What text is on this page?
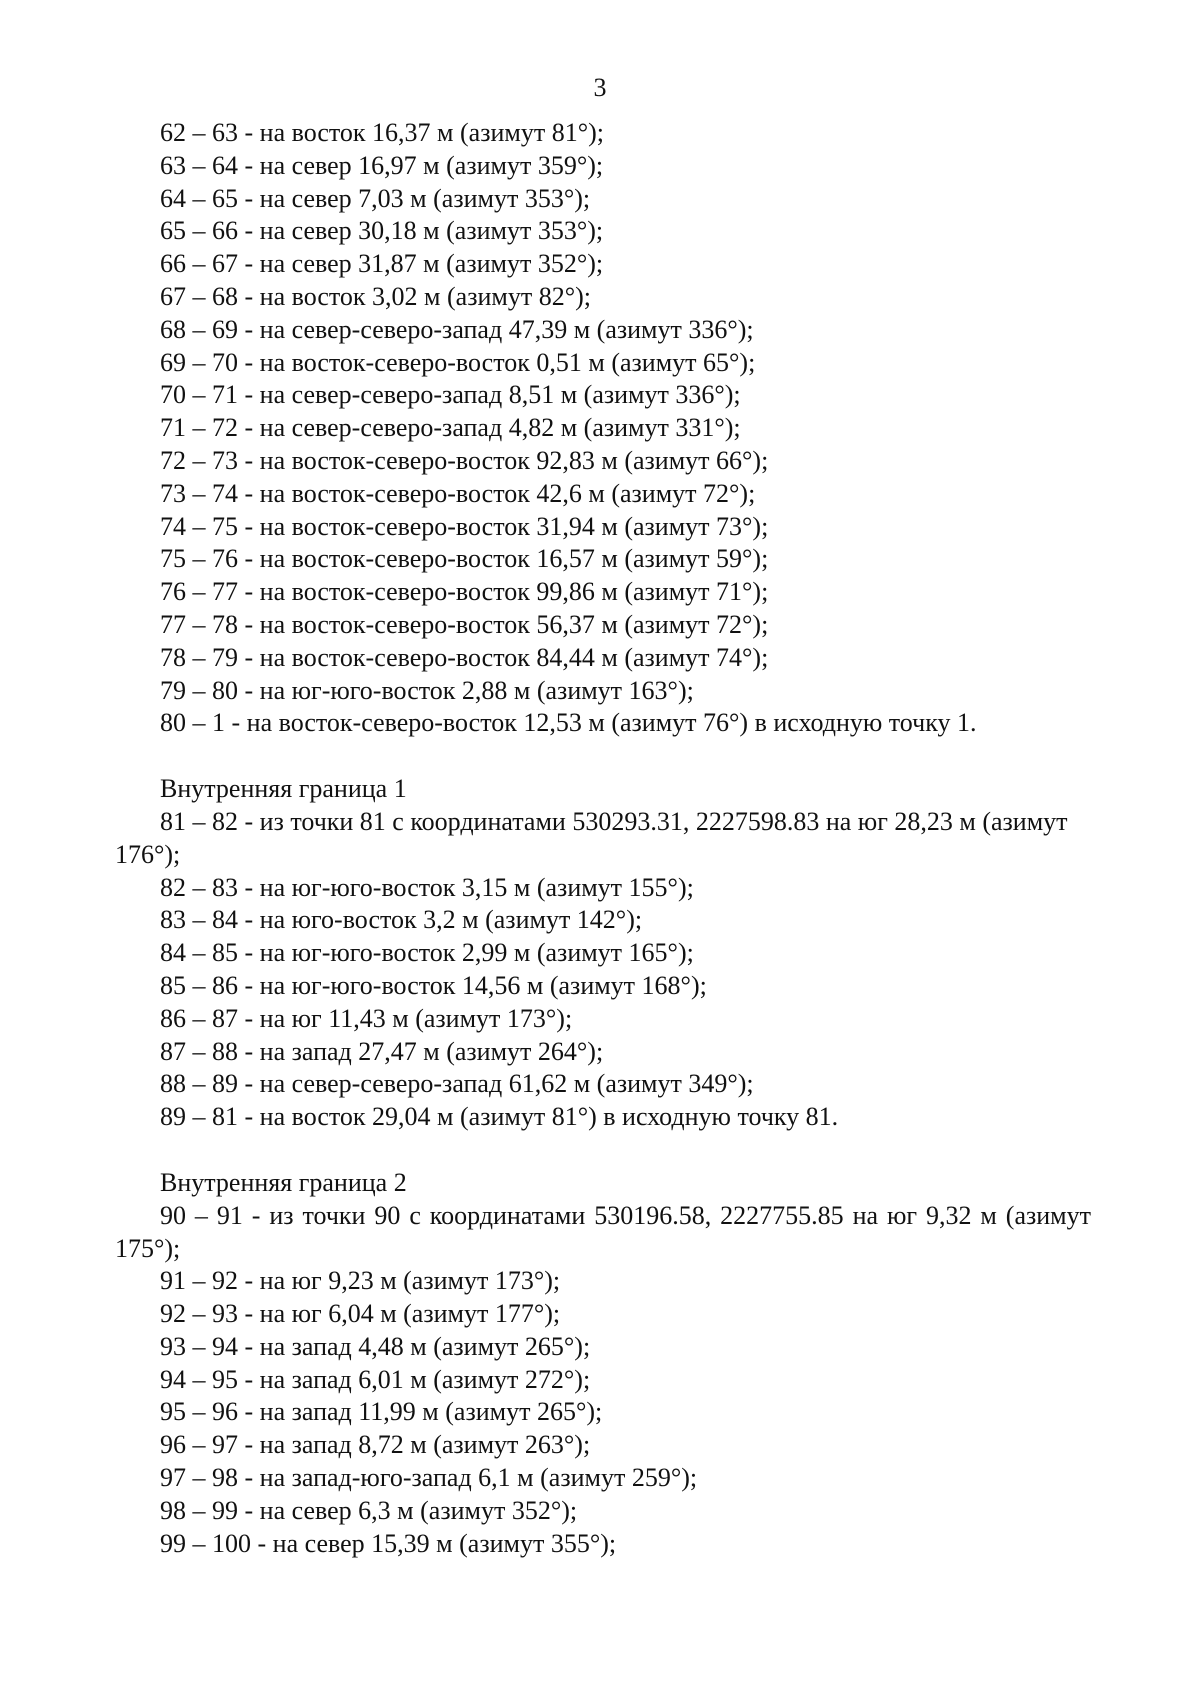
3
62 – 63 - на восток 16,37 м (азимут 81°);
63 – 64 - на север 16,97 м (азимут 359°);
64 – 65 - на север 7,03 м (азимут 353°);
65 – 66 - на север 30,18 м (азимут 353°);
66 – 67 - на север 31,87 м (азимут 352°);
67 – 68 - на восток 3,02 м (азимут 82°);
68 – 69 - на север-северо-запад 47,39 м (азимут 336°);
69 – 70 - на восток-северо-восток 0,51 м (азимут 65°);
70 – 71 - на север-северо-запад 8,51 м (азимут 336°);
71 – 72 - на север-северо-запад 4,82 м (азимут 331°);
72 – 73 - на восток-северо-восток 92,83 м (азимут 66°);
73 – 74 - на восток-северо-восток 42,6 м (азимут 72°);
74 – 75 - на восток-северо-восток 31,94 м (азимут 73°);
75 – 76 - на восток-северо-восток 16,57 м (азимут 59°);
76 – 77 - на восток-северо-восток 99,86 м (азимут 71°);
77 – 78 - на восток-северо-восток 56,37 м (азимут 72°);
78 – 79 - на восток-северо-восток 84,44 м (азимут 74°);
79 – 80 - на юг-юго-восток 2,88 м (азимут 163°);
80 – 1 - на восток-северо-восток 12,53 м (азимут 76°) в исходную точку 1.
Внутренняя граница 1
81 – 82 - из точки 81 с координатами 530293.31, 2227598.83 на юг 28,23 м (азимут
176°);
82 – 83 - на юг-юго-восток 3,15 м (азимут 155°);
83 – 84 - на юго-восток 3,2 м (азимут 142°);
84 – 85 - на юг-юго-восток 2,99 м (азимут 165°);
85 – 86 - на юг-юго-восток 14,56 м (азимут 168°);
86 – 87 - на юг 11,43 м (азимут 173°);
87 – 88 - на запад 27,47 м (азимут 264°);
88 – 89 - на север-северо-запад 61,62 м (азимут 349°);
89 – 81 - на восток 29,04 м (азимут 81°) в исходную точку 81.
Внутренняя граница 2
90 – 91 - из точки 90 с координатами 530196.58, 2227755.85 на юг 9,32 м (азимут 175°);
91 – 92 - на юг 9,23 м (азимут 173°);
92 – 93 - на юг 6,04 м (азимут 177°);
93 – 94 - на запад 4,48 м (азимут 265°);
94 – 95 - на запад 6,01 м (азимут 272°);
95 – 96 - на запад 11,99 м (азимут 265°);
96 – 97 - на запад 8,72 м (азимут 263°);
97 – 98 - на запад-юго-запад 6,1 м (азимут 259°);
98 – 99 - на север 6,3 м (азимут 352°);
99 – 100 - на север 15,39 м (азимут 355°);
